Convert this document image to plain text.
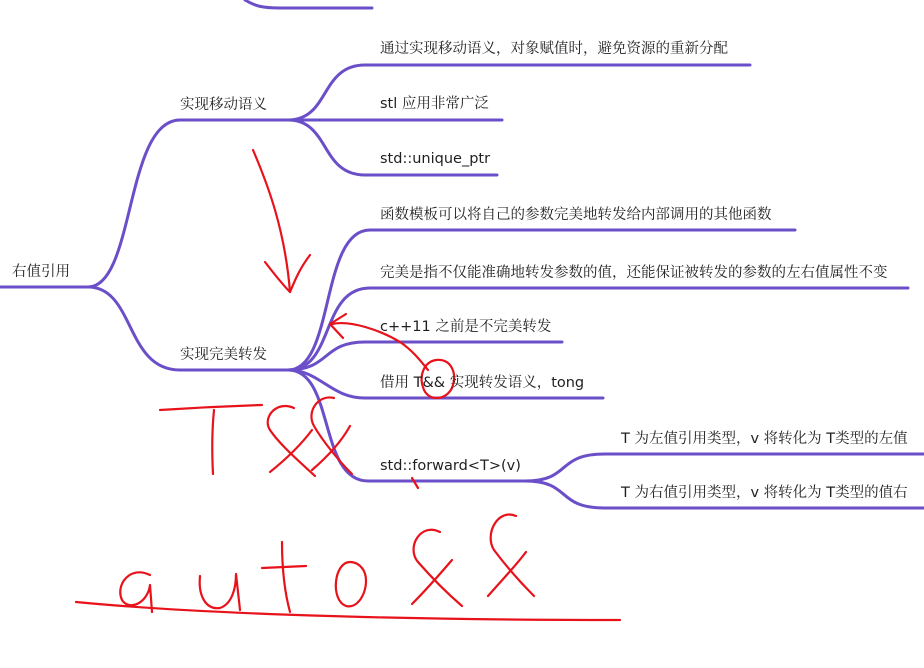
右值引用
实现移动语义
通过实现移动语义，对象赋值时，避免资源的重新分配
stl 应用非常广泛
std::unique_ptr
实现完美转发
函数模板可以将自己的参数完美地转发给内部调用的其他函数
完美是指不仅能准确地转发参数的值，还能保证被转发的参数的左右值属性不变
c++11 之前是不完美转发
借用 T&& 实现转发语义，tong
std::forward<T>(v)
T 为左值引用类型，v 将转化为 T类型的左值
T 为右值引用类型，v 将转化为 T类型的值右
